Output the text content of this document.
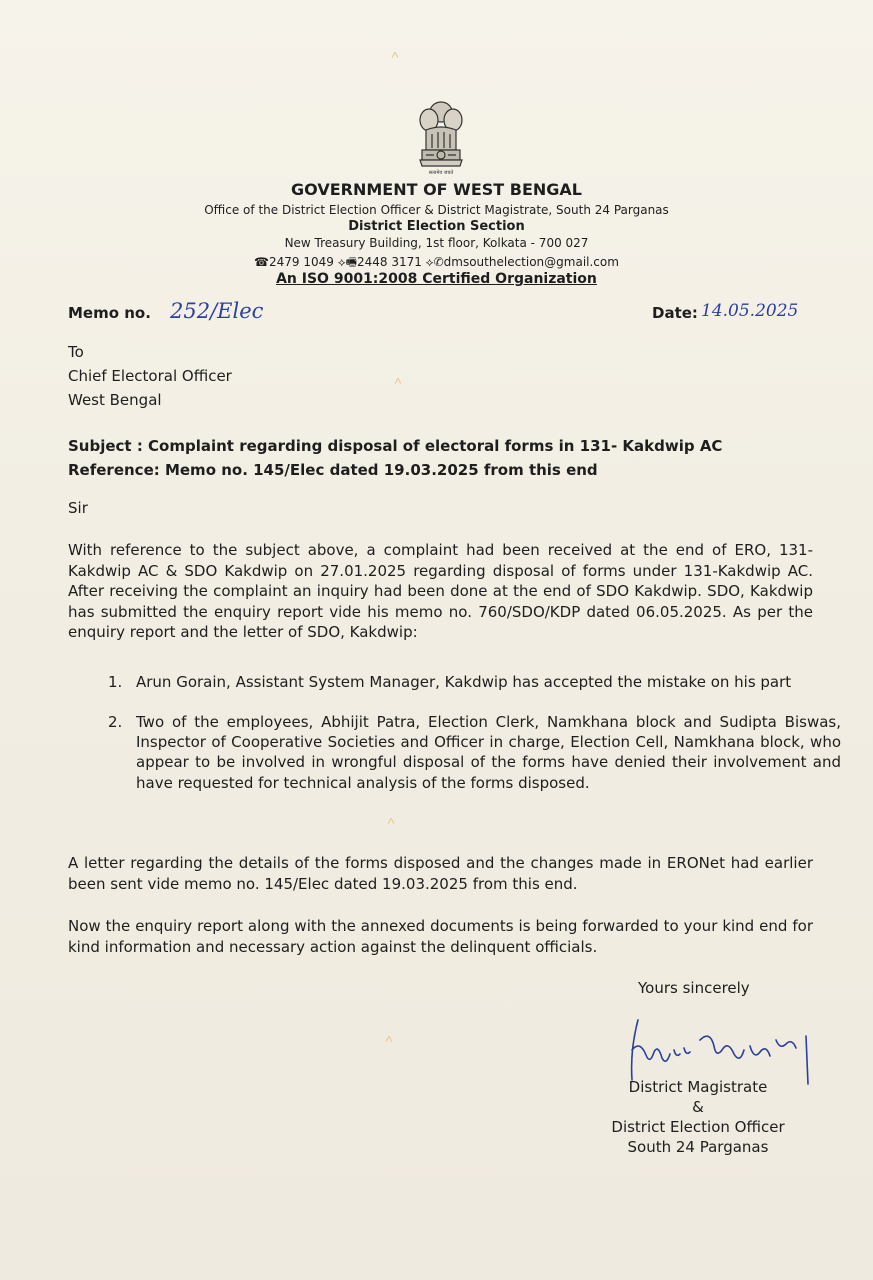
सत्यमेव जयते
GOVERNMENT OF WEST BENGAL
Office of the District Election Officer & District Magistrate, South 24 Parganas
District Election Section
New Treasury Building, 1st floor, Kolkata - 700 027
☎2479 1049 ⟡🖷2448 3171 ⟡✆dmsouthelection@gmail.com
An ISO 9001:2008 Certified Organization
Memo no. 252/Elec	Date: 14.05.2025
To
Chief Electoral Officer
West Bengal
Subject : Complaint regarding disposal of electoral forms in 131- Kakdwip AC
Reference: Memo no. 145/Elec dated 19.03.2025 from this end
Sir

With reference to the subject above, a complaint had been received at the end of ERO, 131-Kakdwip AC & SDO Kakdwip on 27.01.2025 regarding disposal of forms under 131-Kakdwip AC. After receiving the complaint an inquiry had been done at the end of SDO Kakdwip. SDO, Kakdwip has submitted the enquiry report vide his memo no. 760/SDO/KDP dated 06.05.2025. As per the enquiry report and the letter of SDO, Kakdwip:

1. Arun Gorain, Assistant System Manager, Kakdwip has accepted the mistake on his part
2. Two of the employees, Abhijit Patra, Election Clerk, Namkhana block and Sudipta Biswas, Inspector of Cooperative Societies and Officer in charge, Election Cell, Namkhana block, who appear to be involved in wrongful disposal of the forms have denied their involvement and have requested for technical analysis of the forms disposed.

A letter regarding the details of the forms disposed and the changes made in ERONet had earlier been sent vide memo no. 145/Elec dated 19.03.2025 from this end.

Now the enquiry report along with the annexed documents is being forwarded to your kind end for kind information and necessary action against the delinquent officials.

Yours sincerely
District Magistrate
&
District Election Officer
South 24 Parganas
